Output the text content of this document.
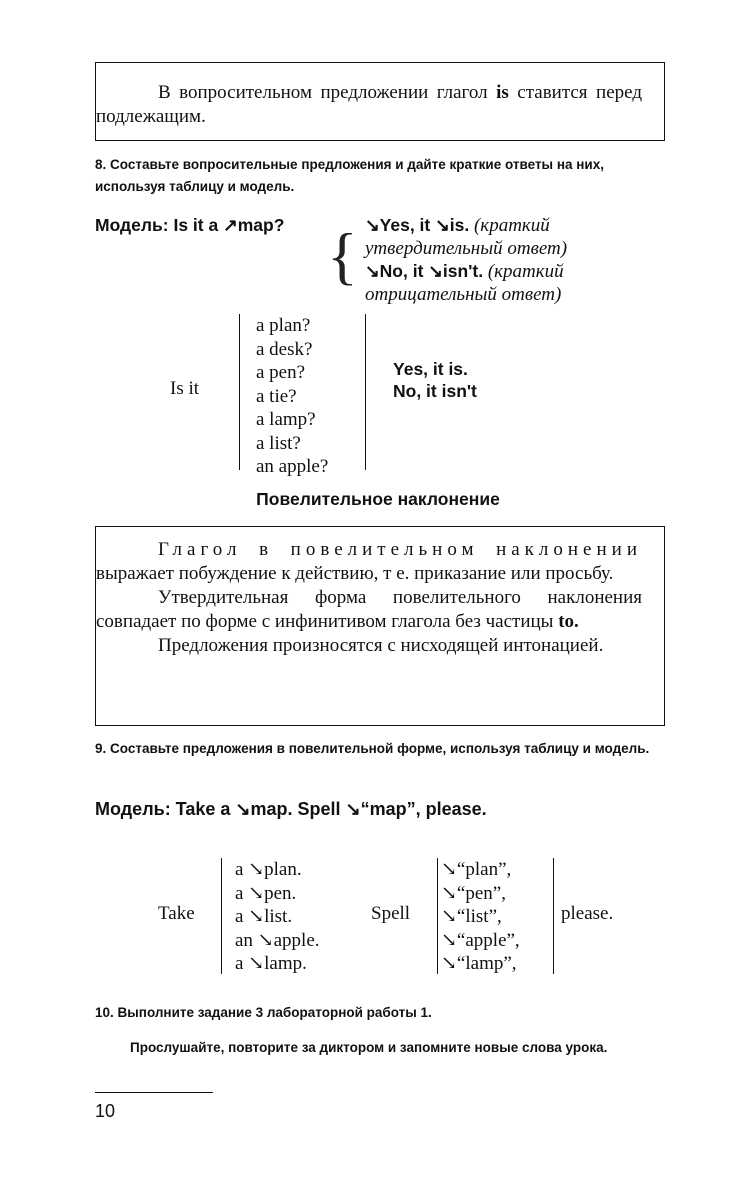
В вопросительном предложении глагол is ставится перед подлежащим.

8. Составьте вопросительные предложения и дайте краткие ответы на них, используя таблицу и модель.
Модель: Is it a ↗map? { ↘Yes, it ↘is. (краткий утвердительный ответ)
↘No, it ↘isn't. (краткий отрицательный ответ)
Is it
a plan?
a desk?
a pen?
a tie?
a lamp?
a list?
an apple?
Yes, it is.
No, it isn't
Повелительное наклонение

Глагол в повелительном наклонении выражает побуждение к действию, т е. приказание или просьбу.

Утвердительная форма повелительного наклонения совпадает по форме с инфинитивом глагола без частицы to.

Предложения произносятся с нисходящей интонацией.

9. Составьте предложения в повелительной форме, используя таблицу и модель.
Модель: Take a ↘map. Spell ↘“map”, please.
Take
a ↘plan.
a ↘pen.
a ↘list.
an ↘apple.
a ↘lamp.
Spell
↘“plan”,
↘“pen”,
↘“list”,
↘“apple”,
↘“lamp”,
please.
10. Выполните задание 3 лабораторной работы 1.
Прослушайте, повторите за диктором и запомните новые слова урока.
10
